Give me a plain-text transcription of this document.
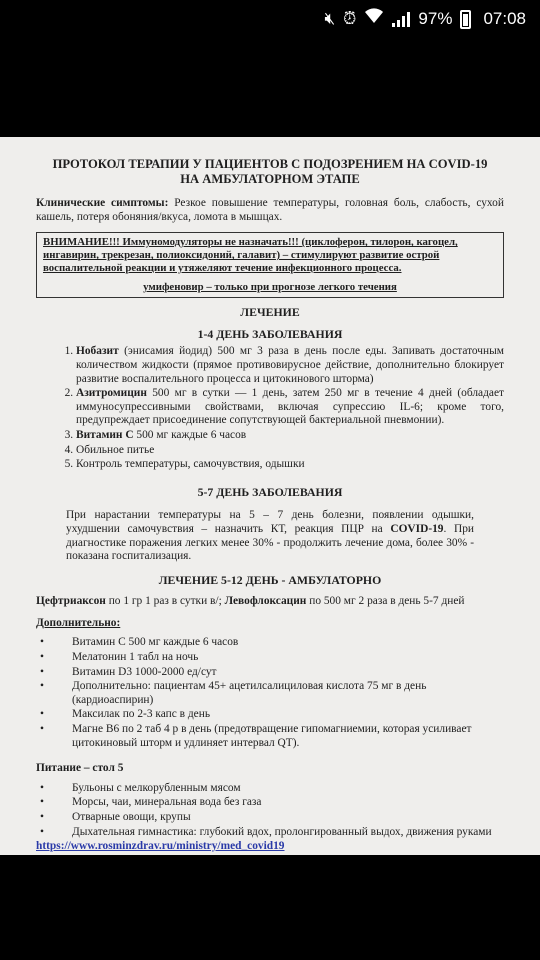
🔇︎ ⏰︎	97% 07:08
ПРОТОКОЛ ТЕРАПИИ У ПАЦИЕНТОВ С ПОДОЗРЕНИЕМ НА COVID-19 НА АМБУЛАТОРНОМ ЭТАПЕ
Клинические симптомы: Резкое повышение температуры, головная боль, слабость, сухой кашель, потеря обоняния/вкуса, ломота в мышцах.
ВНИМАНИЕ!!! Иммуномодуляторы не назначать!!! (циклоферон, тилорон, кагоцел, ингавирин, трекрезан, полиоксидоний, галавит) – стимулируют развитие острой воспалительной реакции и утяжеляют течение инфекционного процесса.
умифеновир – только при прогнозе легкого течения
ЛЕЧЕНИЕ
1-4 ДЕНЬ ЗАБОЛЕВАНИЯ
1. Нобазит (энисамия йодид) 500 мг 3 раза в день после еды. Запивать достаточным количеством жидкости (прямое противовирусное действие, дополнительно блокирует развитие воспалительного процесса и цитокинового шторма)
2. Азитромицин 500 мг в сутки — 1 день, затем 250 мг в течение 4 дней (обладает иммуносупрессивными свойствами, включая супрессию IL-6; кроме того, предупреждает присоединение сопутствующей бактериальной пневмонии).
3. Витамин С 500 мг каждые 6 часов
4. Обильное питье
5. Контроль температуры, самочувствия, одышки
5-7 ДЕНЬ ЗАБОЛЕВАНИЯ
При нарастании температуры на 5 – 7 день болезни, появлении одышки, ухудшении самочувствия – назначить КТ, реакция ПЦР на COVID-19. При диагностике поражения легких менее 30% - продолжить лечение дома, более 30% - показана госпитализация.
ЛЕЧЕНИЕ 5-12 ДЕНЬ - АМБУЛАТОРНО
Цефтриаксон по 1 гр 1 раз в сутки в/; Левофлоксацин по 500 мг 2 раза в день 5-7 дней
Дополнительно:
• Витамин С 500 мг каждые 6 часов
• Мелатонин 1 табл на ночь
• Витамин D3 1000-2000 ед/сут
• Дополнительно: пациентам 45+ ацетилсалициловая кислота 75 мг в день (кардиоаспирин)
• Максилак по 2-3 капс в день
• Магне В6 по 2 таб 4 р в день (предотвращение гипомагниемии, которая усиливает цитокиновый шторм и удлиняет интервал QT).
Питание – стол 5
• Бульоны с мелкорубленным мясом
• Морсы, чаи, минеральная вода без газа
• Отварные овощи, крупы
• Дыхательная гимнастика: глубокий вдох, пролонгированный выдох, движения руками
https://www.rosminzdrav.ru/ministry/med_covid19
